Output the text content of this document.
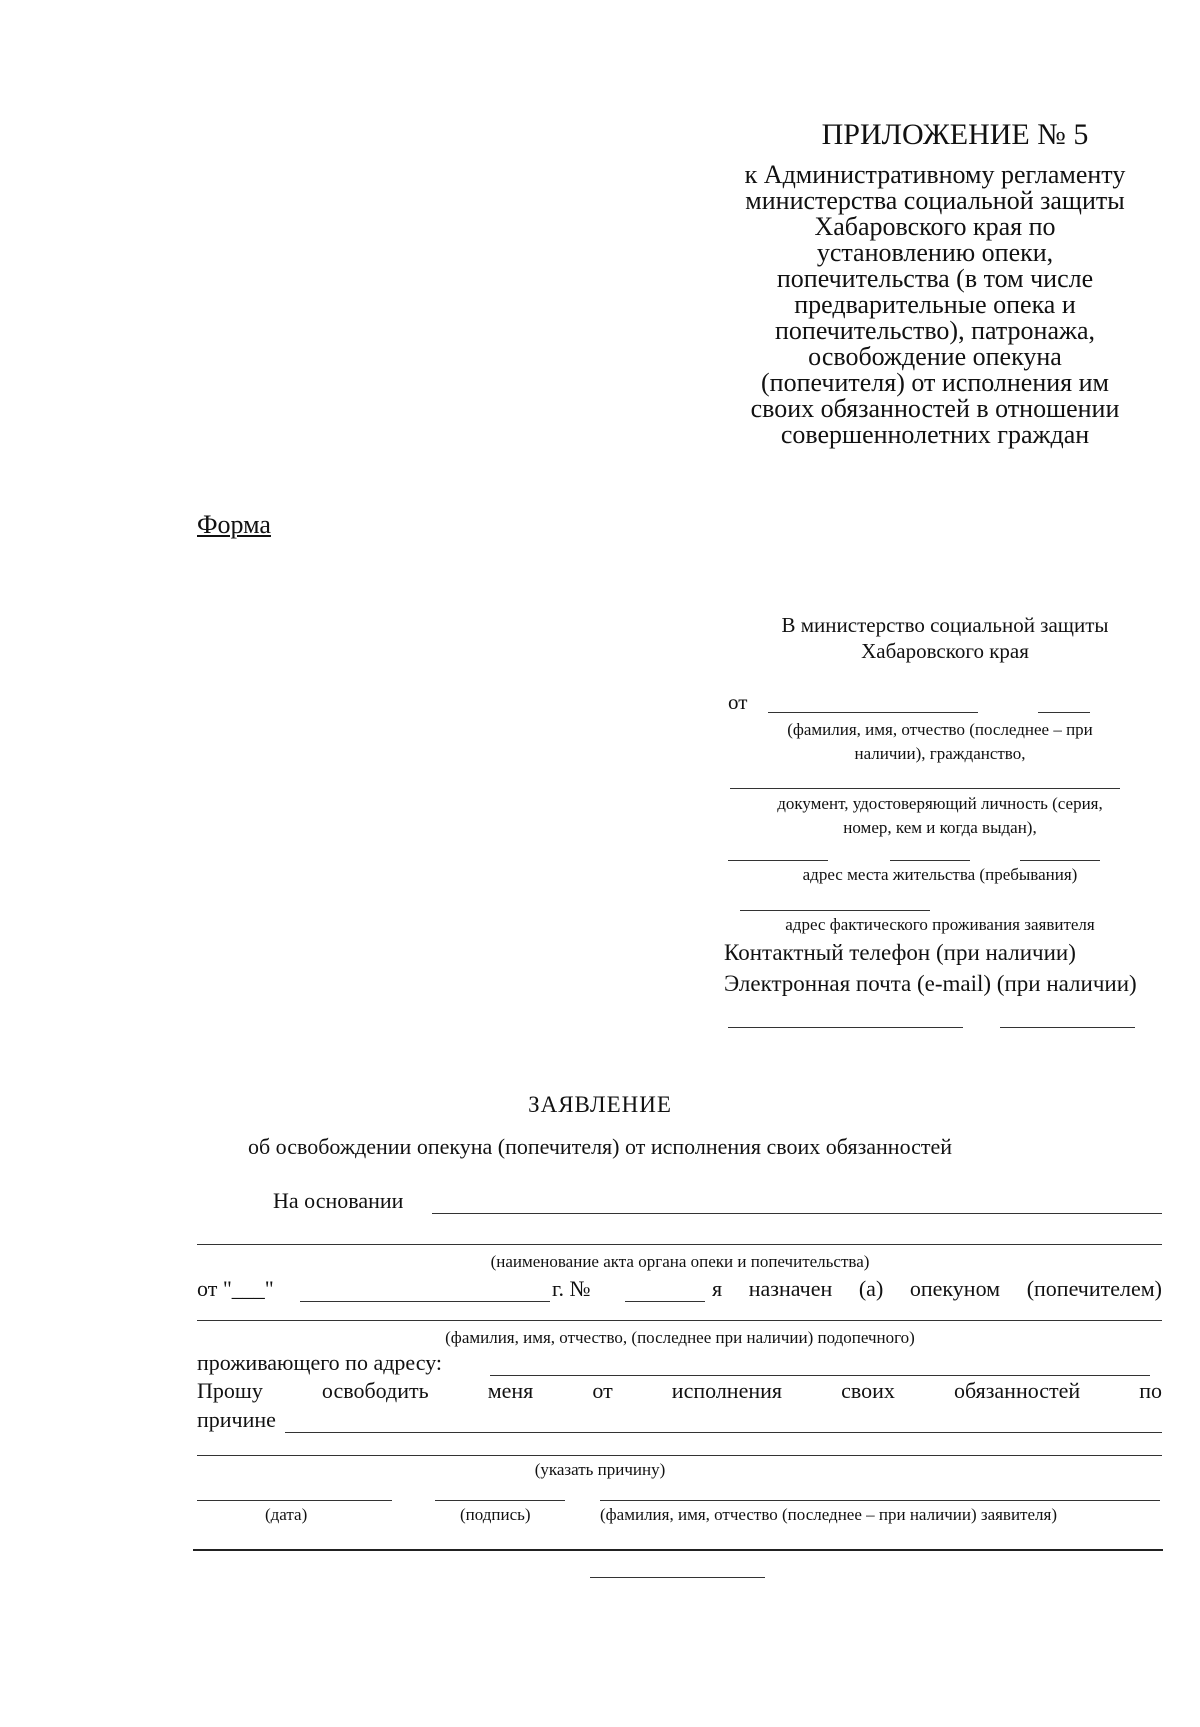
ПРИЛОЖЕНИЕ № 5
к Административному регламенту
министерства социальной защиты
Хабаровского края по
установлению опеки,
попечительства (в том числе
предварительные опека и
попечительство), патронажа,
освобождение опекуна
(попечителя) от исполнения им
своих обязанностей в отношении
совершеннолетних граждан
Форма
В министерство социальной защиты
Хабаровского края
от
(фамилия, имя, отчество (последнее – при
наличии), гражданство,
документ, удостоверяющий личность (серия,
номер, кем и когда выдан),
адрес места жительства (пребывания)
адрес фактического проживания заявителя
Контактный телефон (при наличии)
Электронная почта (e-mail) (при наличии)
ЗАЯВЛЕНИЕ
об освобождении опекуна (попечителя) от исполнения своих обязанностей
На основании
(наименование акта органа опеки и попечительства)
от "___"	г. №	я назначен (а) опекуном (попечителем)
(фамилия, имя, отчество, (последнее при наличии) подопечного)
проживающего по адресу:
Прошу	освободить	меня	от	исполнения	своих	обязанностей	по
причине
(указать причину)
(дата)	(подпись)	(фамилия, имя, отчество (последнее – при наличии) заявителя)
